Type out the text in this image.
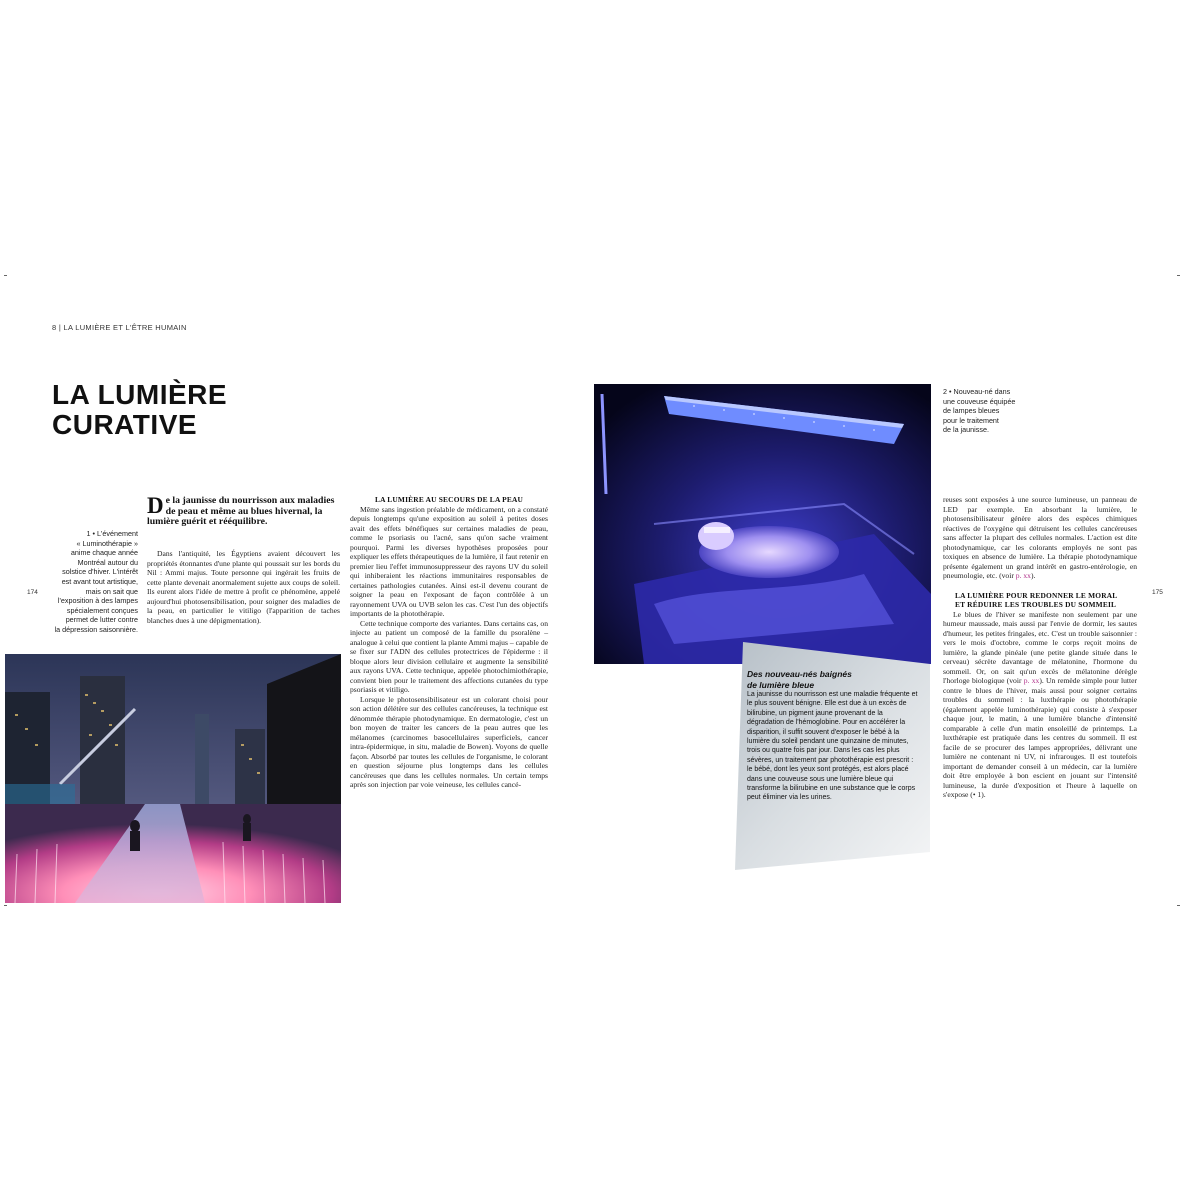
8 | LA LUMIÈRE ET L'ÊTRE HUMAIN
LA LUMIÈRE
CURATIVE
174	175
1 • L'événement
« Luminothérapie »
anime chaque année
Montréal autour du
solstice d'hiver. L'intérêt
est avant tout artistique,
mais on sait que
l'exposition à des lampes
spécialement conçues
permet de lutter contre
la dépression saisonnière.
De la jaunisse du nourrisson aux maladies de peau et même au blues hivernal, la lumière guérit et rééquilibre.

Dans l'antiquité, les Égyptiens avaient découvert les propriétés étonnantes d'une plante qui poussait sur les bords du Nil : Ammi majus. Toute personne qui ingérait les fruits de cette plante devenait anormalement sujette aux coups de soleil. Ils eurent alors l'idée de mettre à profit ce phénomène, appelé aujourd'hui photosensibilisation, pour soigner des maladies de la peau, en particulier le vitiligo (l'apparition de taches blanches dues à une dépigmentation).

LA LUMIÈRE AU SECOURS DE LA PEAU

Même sans ingestion préalable de médicament, on a constaté depuis longtemps qu'une exposition au soleil à petites doses avait des effets bénéfiques sur certaines maladies de peau, comme le psoriasis ou l'acné, sans qu'on sache vraiment pourquoi. Parmi les diverses hypothèses proposées pour expliquer les effets thérapeutiques de la lumière, il faut retenir en premier lieu l'effet immunosuppresseur des rayons UV du soleil qui inhiberaient les réactions immunitaires responsables de certaines pathologies cutanées. Ainsi est-il devenu courant de soigner la peau en l'exposant de façon contrôlée à un rayonnement UVA ou UVB selon les cas. C'est l'un des objectifs importants de la photothérapie.

Cette technique comporte des variantes. Dans certains cas, on injecte au patient un composé de la famille du psoralène – analogue à celui que contient la plante Ammi majus – capable de se fixer sur l'ADN des cellules protectrices de l'épiderme : il bloque alors leur division cellulaire et augmente la sensibilité aux rayons UVA. Cette technique, appelée photochimiothérapie, convient bien pour le traitement des affections cutanées du type psoriasis et vitiligo.

Lorsque le photosensibilisateur est un colorant choisi pour son action délétère sur des cellules cancéreuses, la technique est dénommée thérapie photodynamique. En dermatologie, c'est un bon moyen de traiter les cancers de la peau autres que les mélanomes (carcinomes basocellulaires superficiels, cancer intra-épidermique, in situ, maladie de Bowen). Voyons de quelle façon. Absorbé par toutes les cellules de l'organisme, le colorant en question séjourne plus longtemps dans les cellules cancéreuses que dans les cellules normales. Un certain temps après son injection par voie veineuse, les cellules cancé-

2 • Nouveau-né dans
une couveuse équipée
de lampes bleues
pour le traitement
de la jaunisse.
Des nouveau-nés baignés
de lumière bleue
La jaunisse du nourrisson est une maladie fréquente et le plus souvent bénigne. Elle est due à un excès de bilirubine, un pigment jaune provenant de la dégradation de l'hémoglobine. Pour en accélérer la disparition, il suffit souvent d'exposer le bébé à la lumière du soleil pendant une quinzaine de minutes, trois ou quatre fois par jour. Dans les cas les plus sévères, un traitement par photothérapie est prescrit : le bébé, dont les yeux sont protégés, est alors placé dans une couveuse sous une lumière bleue qui transforme la bilirubine en une substance que le corps peut éliminer via les urines.

reuses sont exposées à une source lumineuse, un panneau de LED par exemple. En absorbant la lumière, le photosensibilisateur génère alors des espèces chimiques réactives de l'oxygène qui détruisent les cellules cancéreuses sans affecter la plupart des cellules normales. L'action est dite photodynamique, car les colorants employés ne sont pas toxiques en absence de lumière. La thérapie photodynamique présente également un grand intérêt en gastro-entérologie, en pneumologie, etc. (voir p. xx).

LA LUMIÈRE POUR REDONNER LE MORAL
ET RÉDUIRE LES TROUBLES DU SOMMEIL

Le blues de l'hiver se manifeste non seulement par une humeur maussade, mais aussi par l'envie de dormir, les sautes d'humeur, les petites fringales, etc. C'est un trouble saisonnier : vers le mois d'octobre, comme le corps reçoit moins de lumière, la glande pinéale (une petite glande située dans le cerveau) sécrète davantage de mélatonine, l'hormone du sommeil. Or, on sait qu'un excès de mélatonine dérègle l'horloge biologique (voir p. xx). Un remède simple pour lutter contre le blues de l'hiver, mais aussi pour soigner certains troubles du sommeil : la luxthérapie ou photothérapie (également appelée luminothérapie) qui consiste à s'exposer chaque jour, le matin, à une lumière blanche d'intensité comparable à celle d'un matin ensoleillé de printemps. La luxthérapie est pratiquée dans les centres du sommeil. Il est facile de se procurer des lampes appropriées, délivrant une lumière ne contenant ni UV, ni infrarouges. Il est toutefois important de demander conseil à un médecin, car la lumière doit être employée à bon escient en jouant sur l'intensité lumineuse, la durée d'exposition et l'heure à laquelle on s'expose (• 1).
